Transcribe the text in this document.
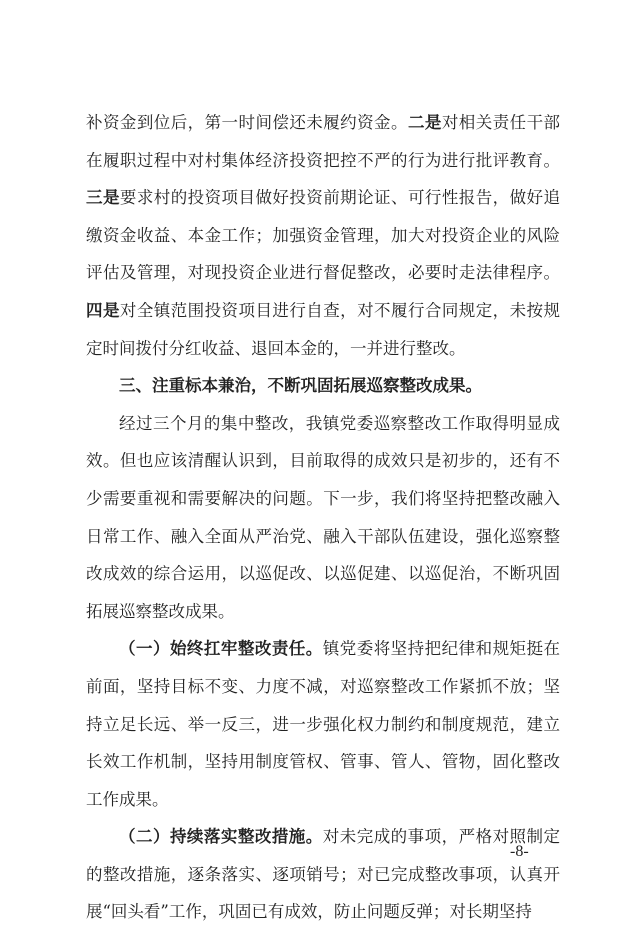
补资金到位后，第一时间偿还未履约资金。二是对相关责任干部在履职过程中对村集体经济投资把控不严的行为进行批评教育。三是要求村的投资项目做好投资前期论证、可行性报告，做好追缴资金收益、本金工作；加强资金管理，加大对投资企业的风险评估及管理，对现投资企业进行督促整改，必要时走法律程序。四是对全镇范围投资项目进行自查，对不履行合同规定，未按规定时间拨付分红收益、退回本金的，一并进行整改。

三、注重标本兼治，不断巩固拓展巡察整改成果。

经过三个月的集中整改，我镇党委巡察整改工作取得明显成效。但也应该清醒认识到，目前取得的成效只是初步的，还有不少需要重视和需要解决的问题。下一步，我们将坚持把整改融入日常工作、融入全面从严治党、融入干部队伍建设，强化巡察整改成效的综合运用，以巡促改、以巡促建、以巡促治，不断巩固拓展巡察整改成果。

（一）始终扛牢整改责任。镇党委将坚持把纪律和规矩挺在前面，坚持目标不变、力度不减，对巡察整改工作紧抓不放；坚持立足长远、举一反三，进一步强化权力制约和制度规范，建立长效工作机制，坚持用制度管权、管事、管人、管物，固化整改工作成果。

（二）持续落实整改措施。对未完成的事项，严格对照制定的整改措施，逐条落实、逐项销号；对已完成整改事项，认真开展“回头看”工作，巩固已有成效，防止问题反弹；对长期坚持

-8-
